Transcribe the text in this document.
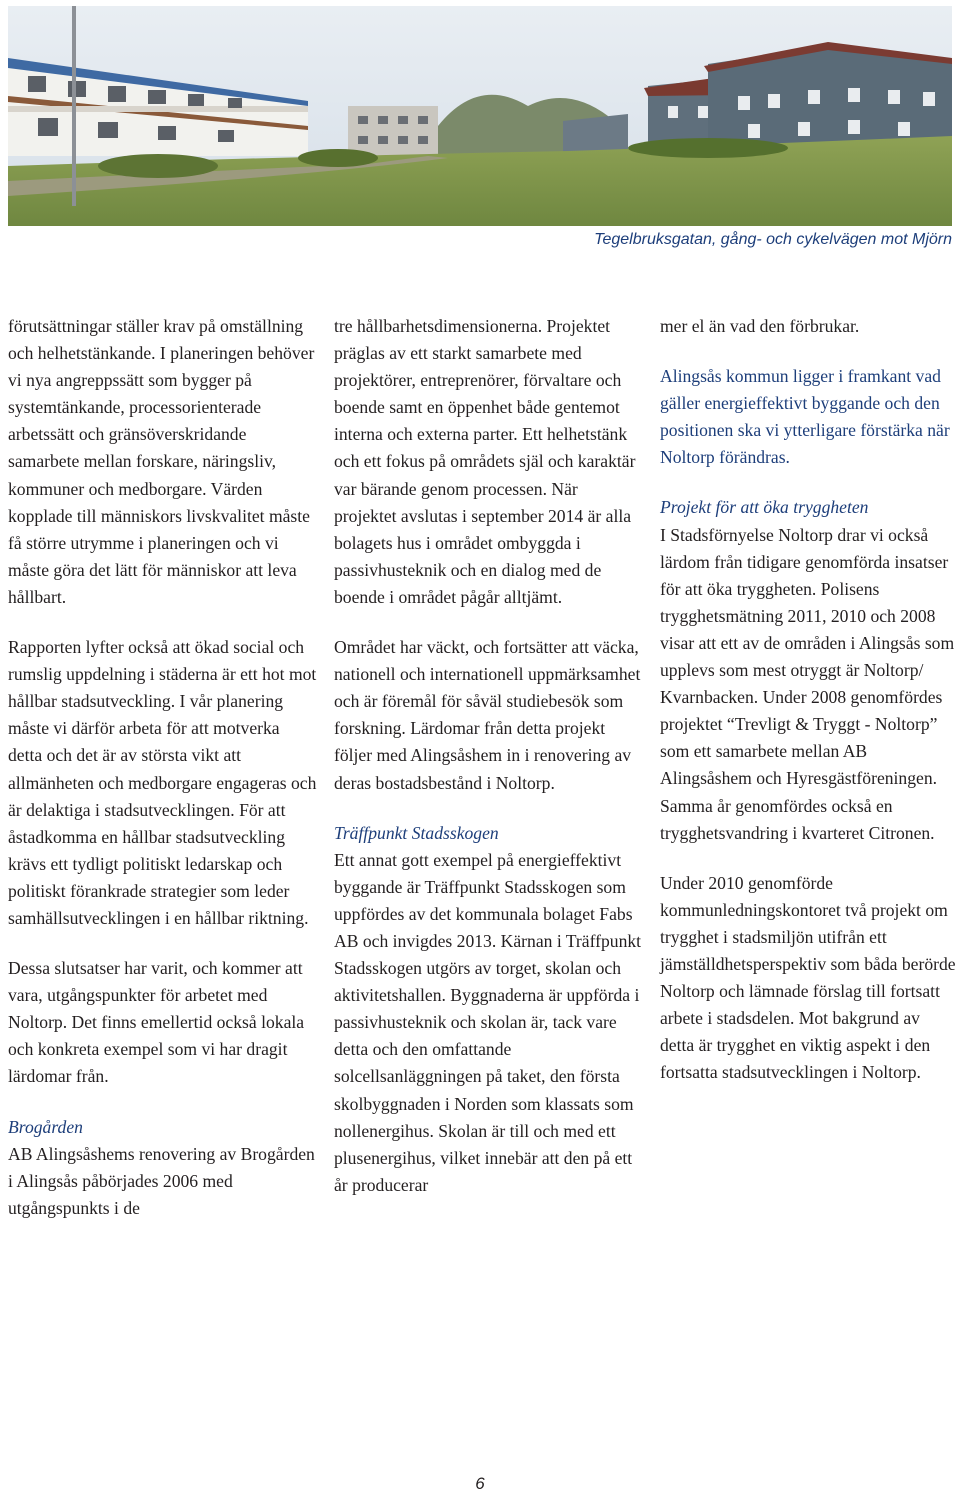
Tegelbruksgatan, gång- och cykelvägen mot Mjörn

förutsättningar ställer krav på omställning och helhetstänkande. I planeringen behöver vi nya angreppssätt som bygger på systemtänkande, processorienterade arbetssätt och gränsöverskridande samarbete mellan forskare, näringsliv, kommuner och medborgare. Värden kopplade till människors livskvalitet måste få större utrymme i planeringen och vi måste göra det lätt för människor att leva hållbart.

Rapporten lyfter också att ökad social och rumslig uppdelning i städerna är ett hot mot hållbar stadsutveckling. I vår planering måste vi därför arbeta för att motverka detta och det är av största vikt att allmänheten och medborgare engageras och är delaktiga i stadsutvecklingen. För att åstadkomma en hållbar stadsutveckling krävs ett tydligt politiskt ledarskap och politiskt förankrade strategier som leder samhällsutvecklingen i en hållbar riktning.

Dessa slutsatser har varit, och kommer att vara, utgångspunkter för arbetet med Noltorp. Det finns emellertid också lokala och konkreta exempel som vi har dragit lärdomar från.

Brogården
AB Alingsåshems renovering av Brogården i Alingsås påbörjades 2006 med utgångspunkts i de

tre hållbarhetsdimensionerna. Projektet präglas av ett starkt samarbete med projektörer, entreprenörer, förvaltare och boende samt en öppenhet både gentemot interna och externa parter. Ett helhetstänk och ett fokus på områdets själ och karaktär var bärande genom processen. När projektet avslutas i september 2014 är alla bolagets hus i området ombyggda i passivhusteknik och en dialog med de boende i området pågår alltjämt.

Området har väckt, och fortsätter att väcka, nationell och internationell uppmärksamhet och är föremål för såväl studiebesök som forskning. Lärdomar från detta projekt följer med Alingsåshem in i renovering av deras bostadsbestånd i Noltorp.

Träffpunkt Stadsskogen
Ett annat gott exempel på energieffektivt byggande är Träffpunkt Stadsskogen som uppfördes av det kommunala bolaget Fabs AB och invigdes 2013. Kärnan i Träffpunkt Stadsskogen utgörs av torget, skolan och aktivitetshallen. Byggnaderna är uppförda i passivhusteknik och skolan är, tack vare detta och den omfattande solcellsanläggningen på taket, den första skolbyggnaden i Norden som klassats som nollenergihus. Skolan är till och med ett plusenergihus, vilket innebär att den på ett år producerar

mer el än vad den förbrukar.

Alingsås kommun ligger i framkant vad gäller energieffektivt byggande och den positionen ska vi ytterligare förstärka när Noltorp förändras.

Projekt för att öka tryggheten
I Stadsförnyelse Noltorp drar vi också lärdom från tidigare genomförda insatser för att öka tryggheten. Polisens trygghetsmätning 2011, 2010 och 2008 visar att ett av de områden i Alingsås som upplevs som mest otryggt är Noltorp/ Kvarnbacken. Under 2008 genomfördes projektet “Trevligt & Tryggt - Noltorp” som ett samarbete mellan AB Alingsåshem och Hyresgästföreningen. Samma år genomfördes också en trygghetsvandring i kvarteret Citronen.

Under 2010 genomförde kommunledningskontoret två projekt om trygghet i stadsmiljön utifrån ett jämställdhetsperspektiv som båda berörde Noltorp och lämnade förslag till fortsatt arbete i stadsdelen. Mot bakgrund av detta är trygghet en viktig aspekt i den fortsatta stadsutvecklingen i Noltorp.

6
